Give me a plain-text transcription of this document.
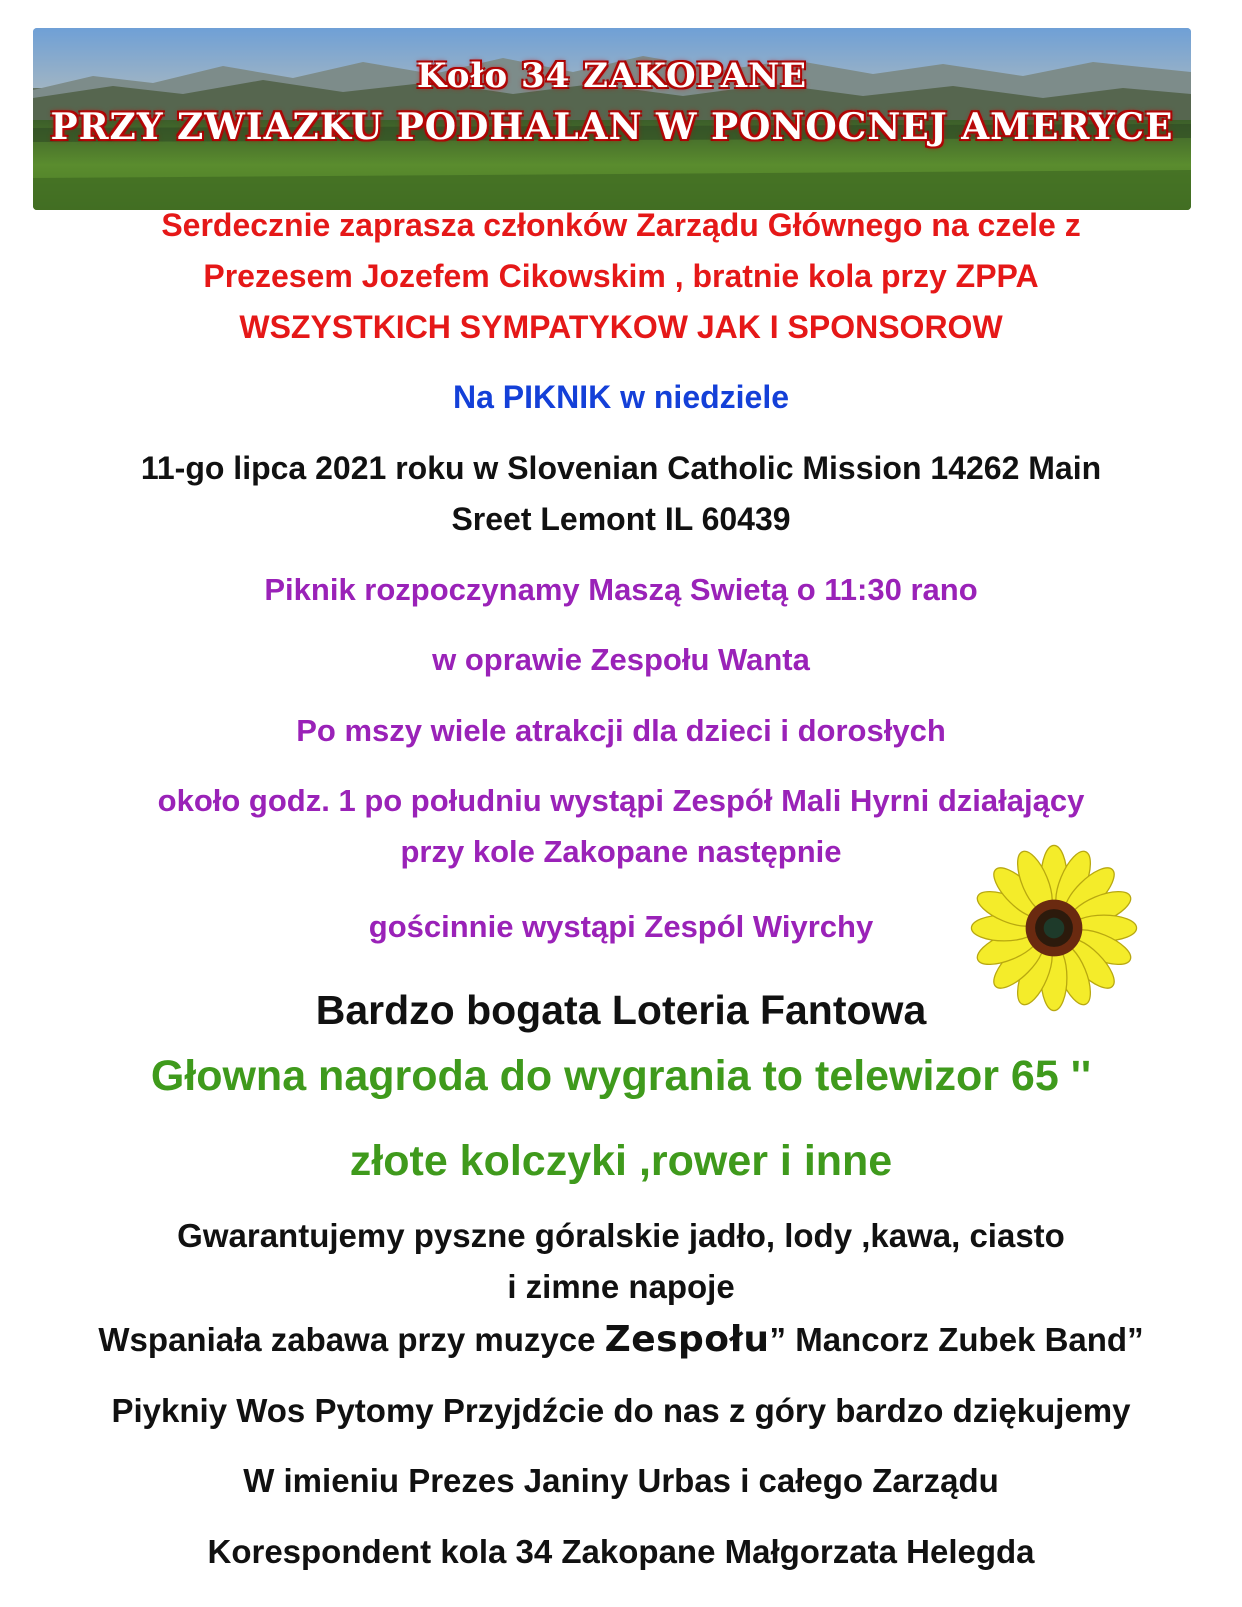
Koło 34 ZAKOPANE
PRZY ZWIAZKU PODHALAN W PONOCNEJ AMERYCE
Serdecznie zaprasza członków Zarządu Głównego na czele z
Prezesem Jozefem Cikowskim , bratnie kola przy ZPPA
WSZYSTKICH SYMPATYKOW JAK I SPONSOROW
Na PIKNIK w niedziele
11-go lipca 2021 roku w Slovenian Catholic Mission 14262 Main
Sreet Lemont IL 60439
Piknik rozpoczynamy Maszą Swietą o 11:30 rano
w oprawie Zespołu Wanta
Po mszy wiele atrakcji dla dzieci i dorosłych
około godz. 1 po południu wystąpi Zespół Mali Hyrni działający
przy kole Zakopane następnie
gościnnie wystąpi Zespól Wiyrchy
Bardzo bogata Loteria Fantowa
Głowna nagroda do wygrania to telewizor 65 ''
złote kolczyki ,rower i inne
Gwarantujemy pyszne góralskie jadło, lody ,kawa, ciasto
i zimne napoje
Wspaniała zabawa przy muzyce Zespołu” Mancorz Zubek Band”
Piykniy Wos Pytomy Przyjdźcie do nas z góry bardzo dziękujemy
W imieniu Prezes Janiny Urbas i całego Zarządu
Korespondent kola 34 Zakopane Małgorzata Helegda
